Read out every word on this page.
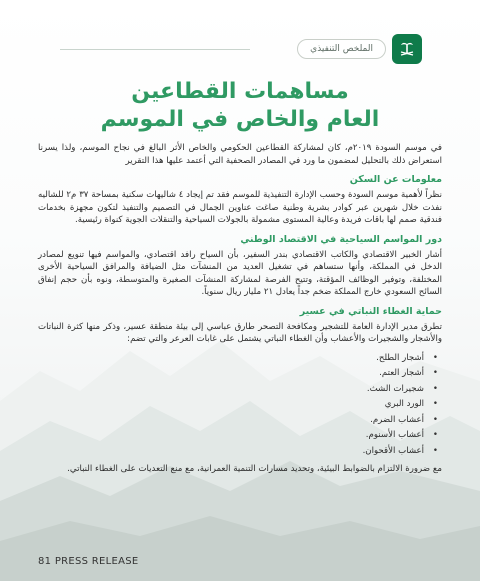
الملخص التنفيذي
مساهمات القطاعين
العام والخاص في الموسم

في موسم السودة ٢٠١٩م، كان لمشاركة القطاعين الحكومي والخاص الأثر البالغ في نجاح الموسم، ولذا يسرنا استعراض ذلك بالتحليل لمضمون ما ورد في المصادر الصحفية التي أعتمد عليها هذا التقرير

معلومات عن السكن

نظراً لأهمية موسم السودة وحسب الإدارة التنفيذية للموسم فقد تم إيجاد ٤ شاليهات سكنية بمساحة ٣٧ م٢ للشاليه نفذت خلال شهرين عبر كوادر بشرية وطنية صاغت عناوين الجمال في التصميم والتنفيذ لتكون مجهزة بخدمات فندقية صمم لها باقات فريدة وعالية المستوى مشمولة بالجولات السياحية والتنقلات الجوية كنواة رئيسية.

دور المواسم السياحية في الاقتصاد الوطني

أشار الخبير الاقتصادي والكاتب الاقتصادي بندر السفير، بأن السياح رافد اقتصادي، والمواسم فيها تنويع لمصادر الدخل في المملكة، وأنها ستساهم في تشغيل العديد من المنشآت مثل الضيافة والمرافق السياحية الأخرى المختلفة، وتوفير الوظائف المؤقتة، وتتيح الفرصة لمشاركة المنشآت الصغيرة والمتوسطة، ونوه بأن حجم إنفاق السائح السعودي خارج المملكة ضخم جداً يعادل ٢١ مليار ريال سنوياً.

حماية الغطاء النباتي في عسير

تطرق مدير الإدارة العامة للتشجير ومكافحة التصحر طارق عباسي إلى بيئة منطقة عسير، وذكر منها كثرة النباتات والأشجار والشجيرات والأعشاب وأن الغطاء النباتي يشتمل على غابات العرعر والتي تضم:

• أشجار الطلح.
• أشجار العتم.
• شجيرات الشث.
• الورد البري
• أعشاب الضرم.
• أعشاب الأسنوم.
• أعشاب الأقحوان.

مع ضرورة الالتزام بالضوابط البيئية، وتحديد مسارات التنمية العمرانية، مع منع التعديات على الغطاء النباتي.

81 PRESS RELEASE
